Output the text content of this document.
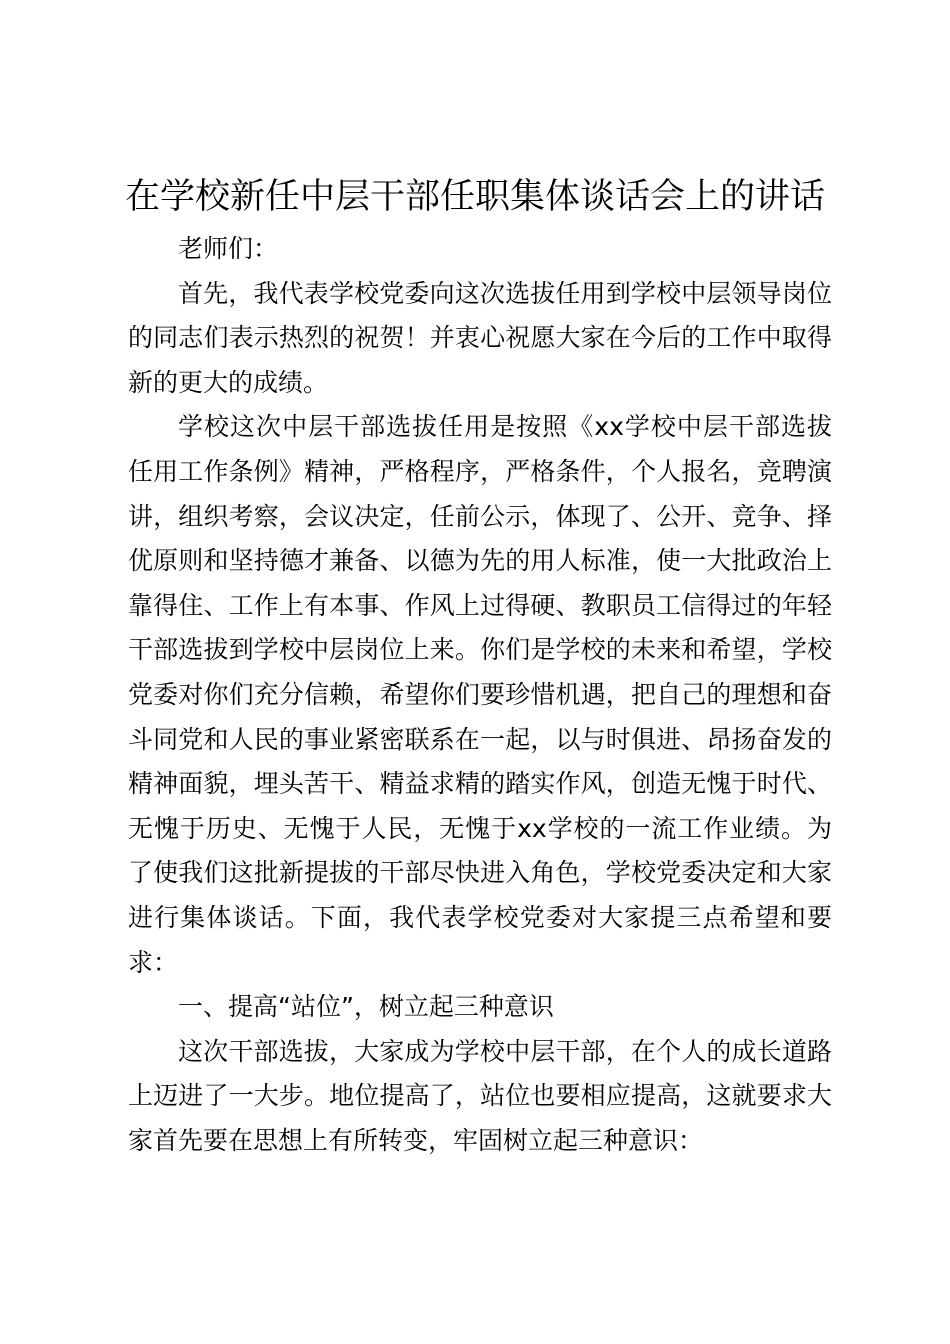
在学校新任中层干部任职集体谈话会上的讲话

老师们：

首先，我代表学校党委向这次选拔任用到学校中层领导岗位的同志们表示热烈的祝贺！并衷心祝愿大家在今后的工作中取得新的更大的成绩。

学校这次中层干部选拔任用是按照《xx学校中层干部选拔任用工作条例》精神，严格程序，严格条件，个人报名，竞聘演讲，组织考察，会议决定，任前公示，体现了、公开、竞争、择优原则和坚持德才兼备、以德为先的用人标准，使一大批政治上靠得住、工作上有本事、作风上过得硬、教职员工信得过的年轻干部选拔到学校中层岗位上来。你们是学校的未来和希望，学校党委对你们充分信赖，希望你们要珍惜机遇，把自己的理想和奋斗同党和人民的事业紧密联系在一起，以与时俱进、昂扬奋发的精神面貌，埋头苦干、精益求精的踏实作风，创造无愧于时代、无愧于历史、无愧于人民，无愧于xx学校的一流工作业绩。为了使我们这批新提拔的干部尽快进入角色，学校党委决定和大家进行集体谈话。下面，我代表学校党委对大家提三点希望和要求：

一、提高“站位”，树立起三种意识

这次干部选拔，大家成为学校中层干部，在个人的成长道路上迈进了一大步。地位提高了，站位也要相应提高，这就要求大家首先要在思想上有所转变，牢固树立起三种意识：
